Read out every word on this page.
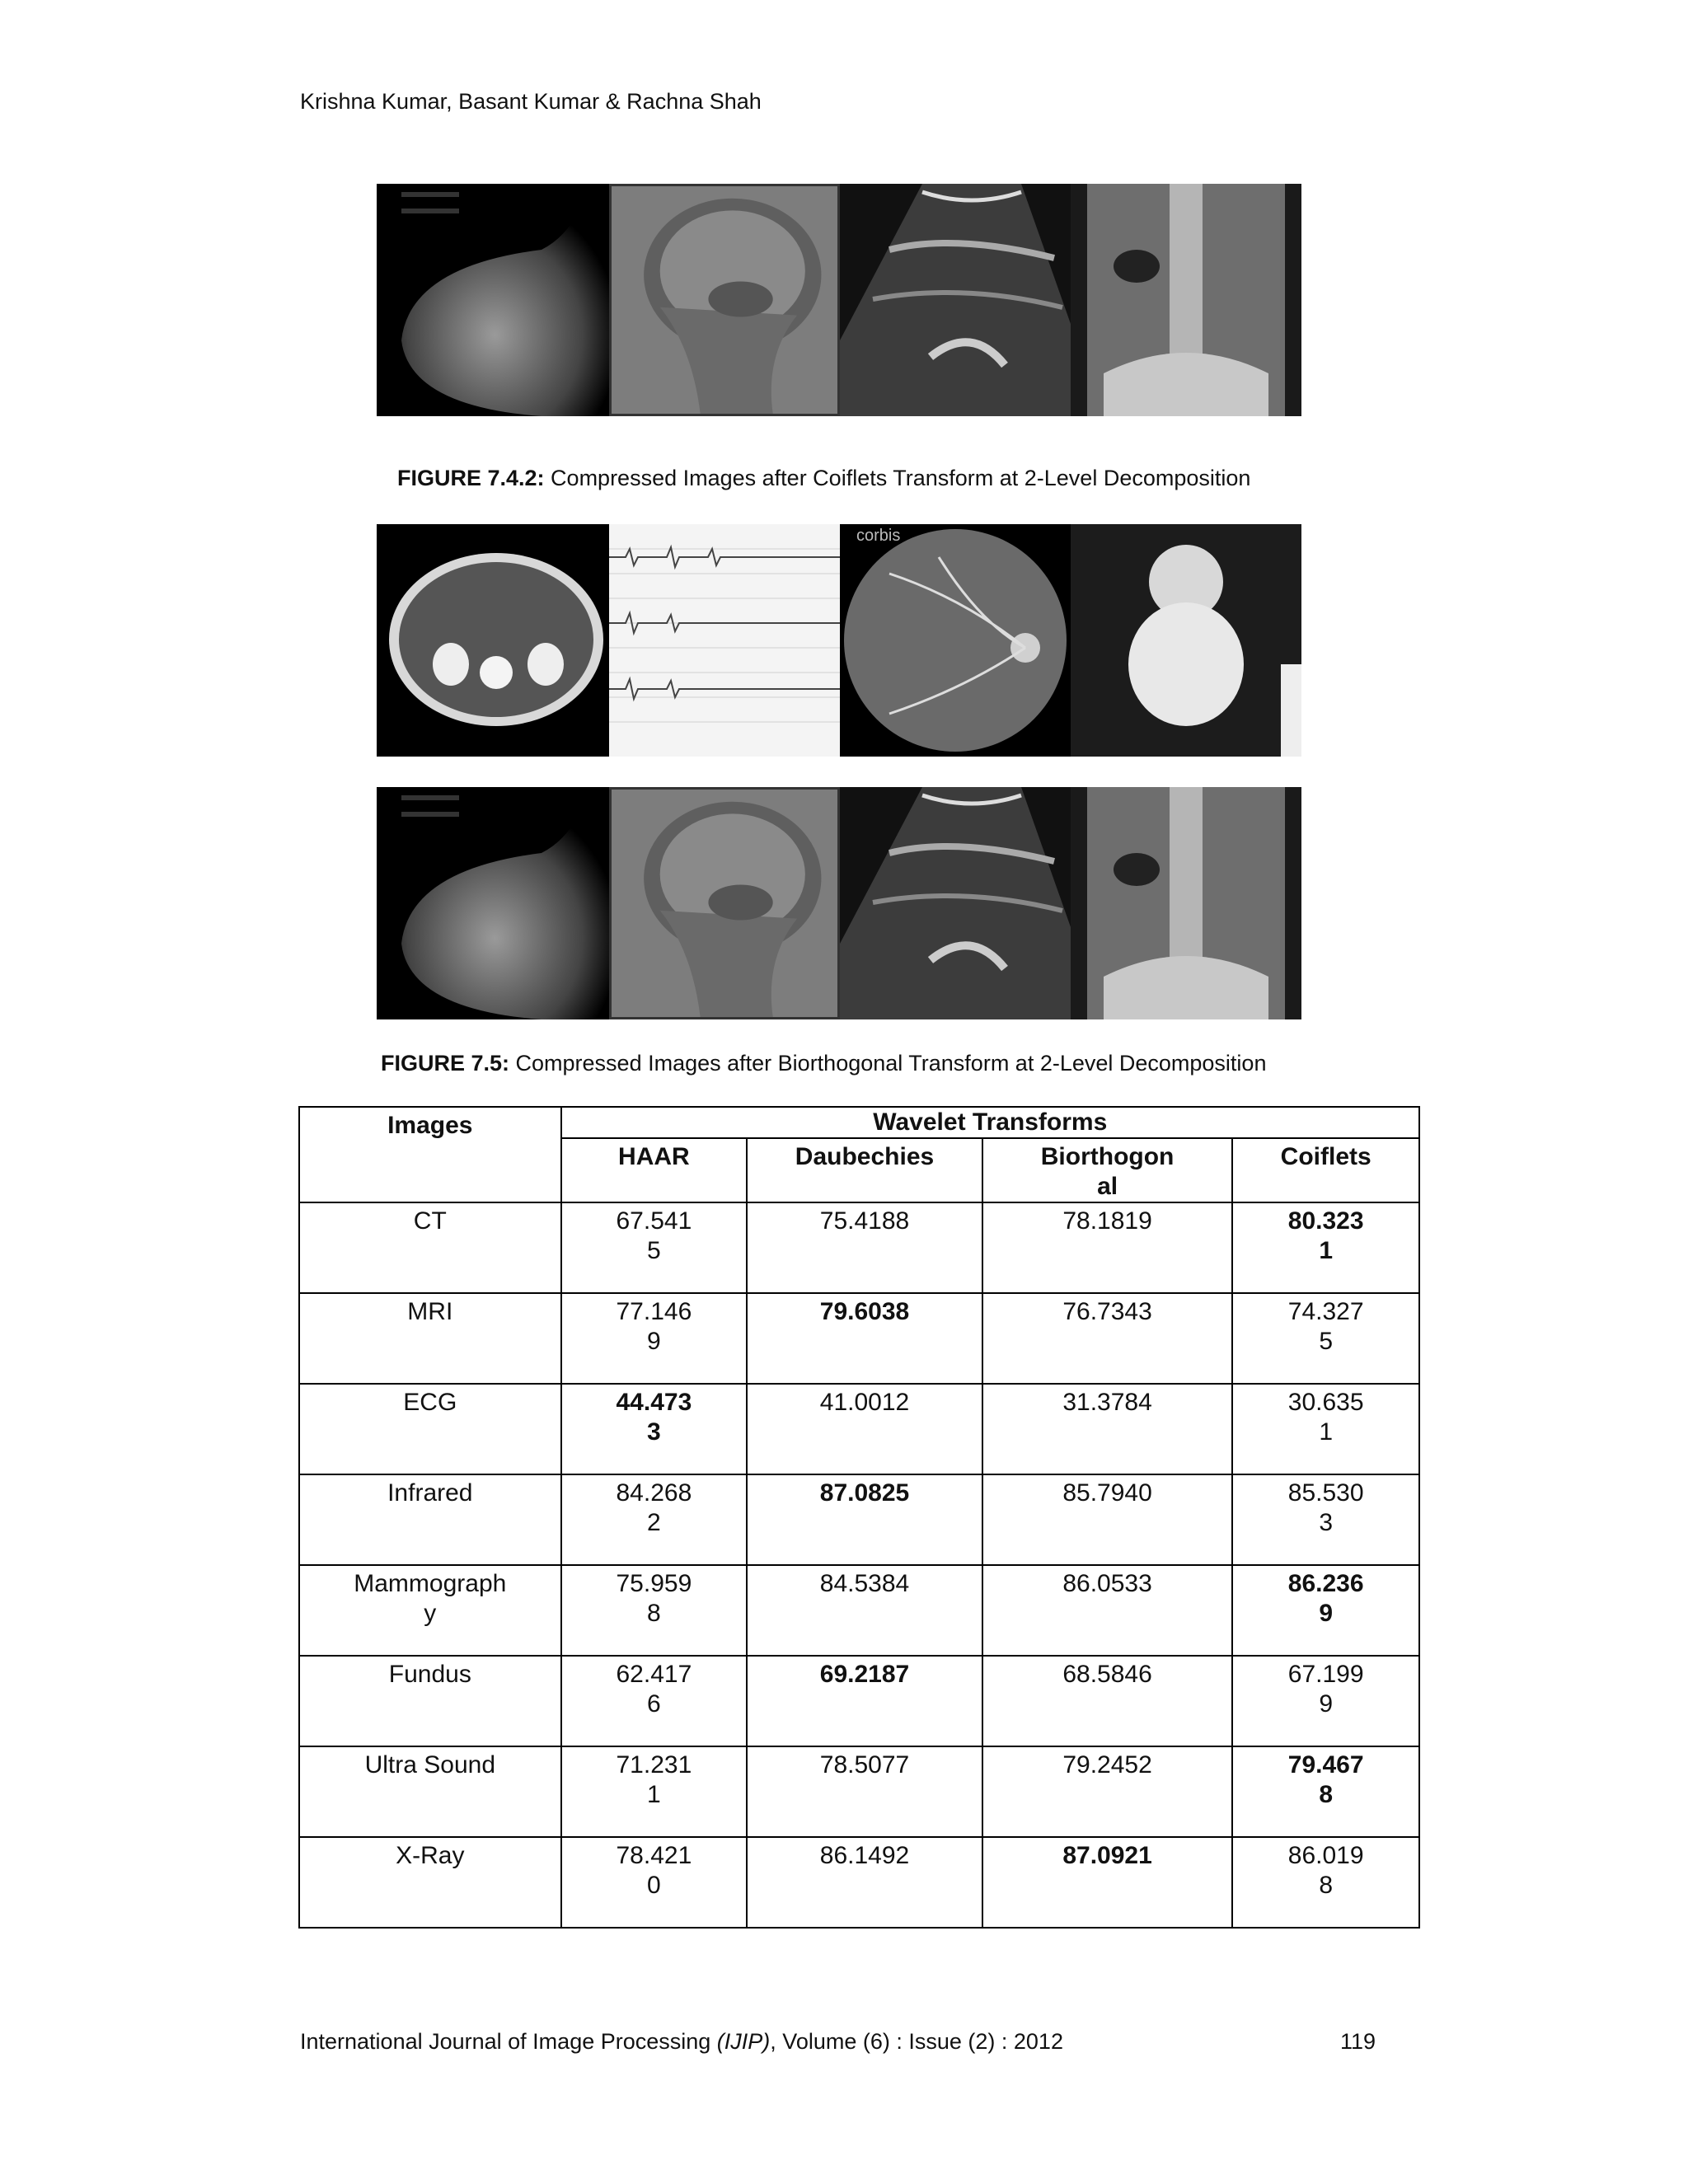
Krishna Kumar, Basant Kumar & Rachna Shah
FIGURE 7.4.2: Compressed Images after Coiflets Transform at 2-Level Decomposition
corbis
FIGURE 7.5: Compressed Images after Biorthogonal Transform at 2-Level Decomposition
Images	Wavelet Transforms			
	HAAR	Daubechies	Biorthogonal	Coiflets
CT	67.5415	75.4188	78.1819	80.3231
MRI	77.1469	79.6038	76.7343	74.3275
ECG	44.4733	41.0012	31.3784	30.6351
Infrared	84.2682	87.0825	85.7940	85.5303
Mammography	75.9598	84.5384	86.0533	86.2369
Fundus	62.4176	69.2187	68.5846	67.1999
Ultra Sound	71.2311	78.5077	79.2452	79.4678
X-Ray	78.4210	86.1492	87.0921	86.0198
International Journal of Image Processing (IJIP), Volume (6) : Issue (2) : 2012	119
